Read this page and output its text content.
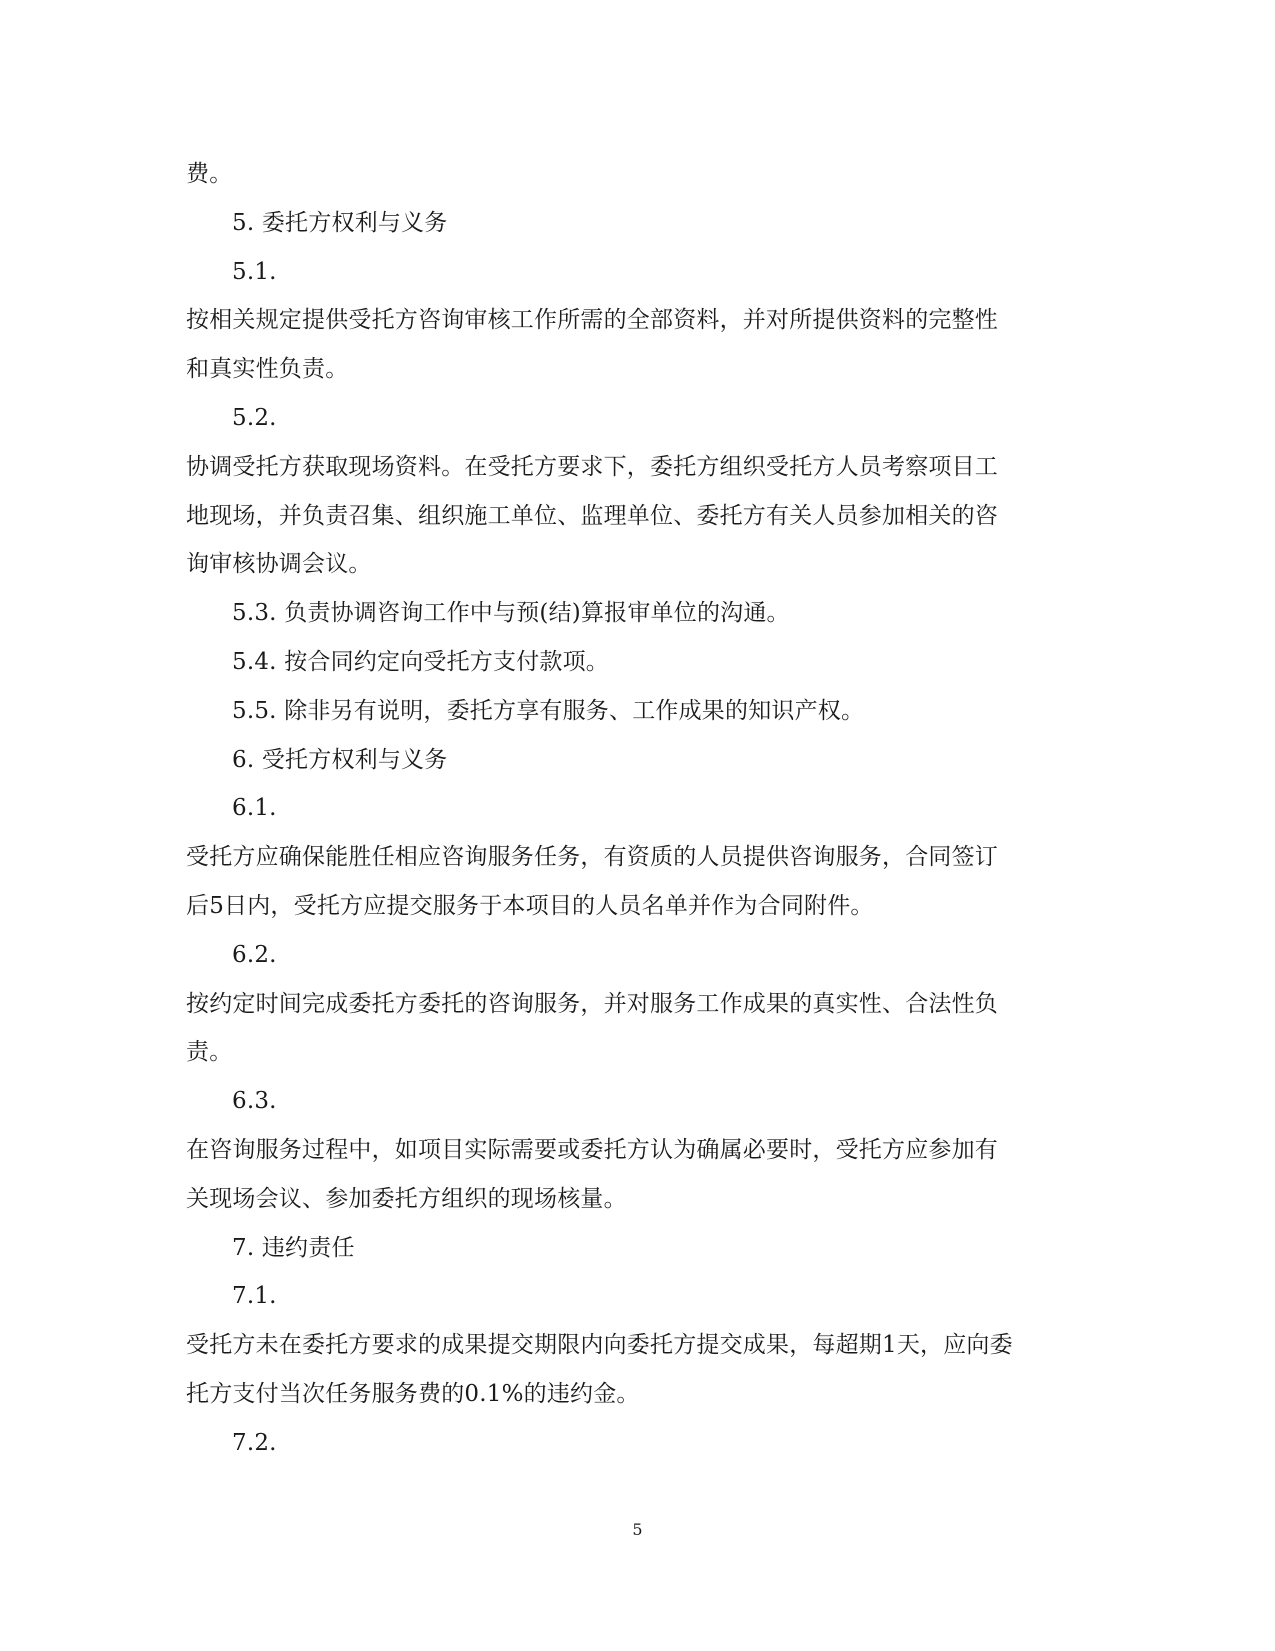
费。
5. 委托方权利与义务
5.1.
按相关规定提供受托方咨询审核工作所需的全部资料，并对所提供资料的完整性
和真实性负责。
5.2.
协调受托方获取现场资料。在受托方要求下，委托方组织受托方人员考察项目工
地现场，并负责召集、组织施工单位、监理单位、委托方有关人员参加相关的咨
询审核协调会议。
5.3. 负责协调咨询工作中与预(结)算报审单位的沟通。
5.4. 按合同约定向受托方支付款项。
5.5. 除非另有说明，委托方享有服务、工作成果的知识产权。
6. 受托方权利与义务
6.1.
受托方应确保能胜任相应咨询服务任务，有资质的人员提供咨询服务，合同签订
后5日内，受托方应提交服务于本项目的人员名单并作为合同附件。
6.2.
按约定时间完成委托方委托的咨询服务，并对服务工作成果的真实性、合法性负
责。
6.3.
在咨询服务过程中，如项目实际需要或委托方认为确属必要时，受托方应参加有
关现场会议、参加委托方组织的现场核量。
7. 违约责任
7.1.
受托方未在委托方要求的成果提交期限内向委托方提交成果，每超期1天，应向委
托方支付当次任务服务费的0.1%的违约金。
7.2.
5
